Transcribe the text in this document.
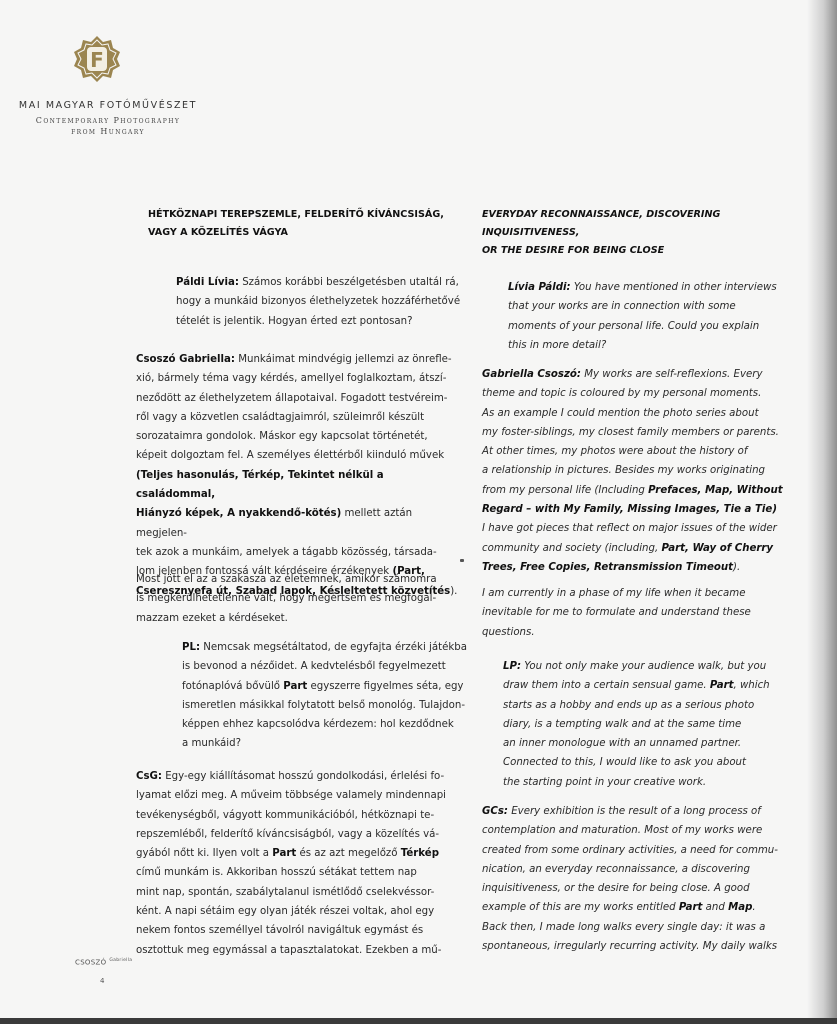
F
MAI MAGYAR FOTÓMŰVÉSZET
Contemporary Photography
from Hungary
HÉTKÖZNAPI TEREPSZEMLE, FELDERÍTŐ KÍVÁNCSISÁG,
VAGY A KÖZELÍTÉS VÁGYA
EVERYDAY RECONNAISSANCE, DISCOVERING INQUISITIVENESS,
OR THE DESIRE FOR BEING CLOSE

Páldi Lívia: Számos korábbi beszélgetésben utaltál rá,

hogy a munkáid bizonyos élethelyzetek hozzáférhetővé

tételét is jelentik. Hogyan érted ezt pontosan?

Csoszó Gabriella: Munkáimat mindvégig jellemzi az önrefle-

xió, bármely téma vagy kérdés, amellyel foglalkoztam, átszí-

neződött az élethelyzetem állapotaival. Fogadott testvéreim-

ről vagy a közvetlen családtagjaimról, szüleimről készült

sorozataimra gondolok. Máskor egy kapcsolat történetét,

képeit dolgoztam fel. A személyes élettérből kiinduló művek

(Teljes hasonulás, Térkép, Tekintet nélkül a családommal,

Hiányzó képek, A nyakkendő-kötés) mellett aztán megjelen-

tek azok a munkáim, amelyek a tágabb közösség, társada-

lom jelenben fontossá vált kérdéseire érzékenyek (Part,

Cseresznyefa út, Szabad lapok, Késleltetett közvetítés).

Most jött el az a szakasza az életemnek, amikor számomra

is megkerülhetetlenné vált, hogy megértsem és megfogal-

mazzam ezeket a kérdéseket.

PL: Nemcsak megsétáltatod, de egyfajta érzéki játékba

is bevonod a nézőidet. A kedvtelésből fegyelmezett

fotónaplóvá bővülő Part egyszerre figyelmes séta, egy

ismeretlen másikkal folytatott belső monológ. Tulajdon-

képpen ehhez kapcsolódva kérdezem: hol kezdődnek

a munkáid?

CsG: Egy-egy kiállításomat hosszú gondolkodási, érlelési fo-

lyamat előzi meg. A műveim többsége valamely mindennapi

tevékenységből, vágyott kommunikációból, hétköznapi te-

repszemléből, felderítő kíváncsiságból, vagy a közelítés vá-

gyából nőtt ki. Ilyen volt a Part és az azt megelőző Térkép

című munkám is. Akkoriban hosszú sétákat tettem nap

mint nap, spontán, szabálytalanul ismétlődő cselekvéssor-

ként. A napi sétáim egy olyan játék részei voltak, ahol egy

nekem fontos személlyel távolról navigáltuk egymást és

osztottuk meg egymással a tapasztalatokat. Ezekben a mű-

Lívia Páldi: You have mentioned in other interviews

that your works are in connection with some

moments of your personal life. Could you explain

this in more detail?

Gabriella Csoszó: My works are self-reflexions. Every

theme and topic is coloured by my personal moments.

As an example I could mention the photo series about

my foster-siblings, my closest family members or parents.

At other times, my photos were about the history of

a relationship in pictures. Besides my works originating

from my personal life (Including Prefaces, Map, Without

Regard – with My Family, Missing Images, Tie a Tie)

I have got pieces that reflect on major issues of the wider

community and society (including, Part, Way of Cherry

Trees, Free Copies, Retransmission Timeout).

I am currently in a phase of my life when it became

inevitable for me to formulate and understand these

questions.

LP: You not only make your audience walk, but you

draw them into a certain sensual game. Part, which

starts as a hobby and ends up as a serious photo

diary, is a tempting walk and at the same time

an inner monologue with an unnamed partner.

Connected to this, I would like to ask you about

the starting point in your creative work.

GCs: Every exhibition is the result of a long process of

contemplation and maturation. Most of my works were

created from some ordinary activities, a need for commu-

nication, an everyday reconnaissance, a discovering

inquisitiveness, or the desire for being close. A good

example of this are my works entitled Part and Map.

Back then, I made long walks every single day: it was a

spontaneous, irregularly recurring activity. My daily walks

CSOSZÓ $^{Gabriella}$
4
